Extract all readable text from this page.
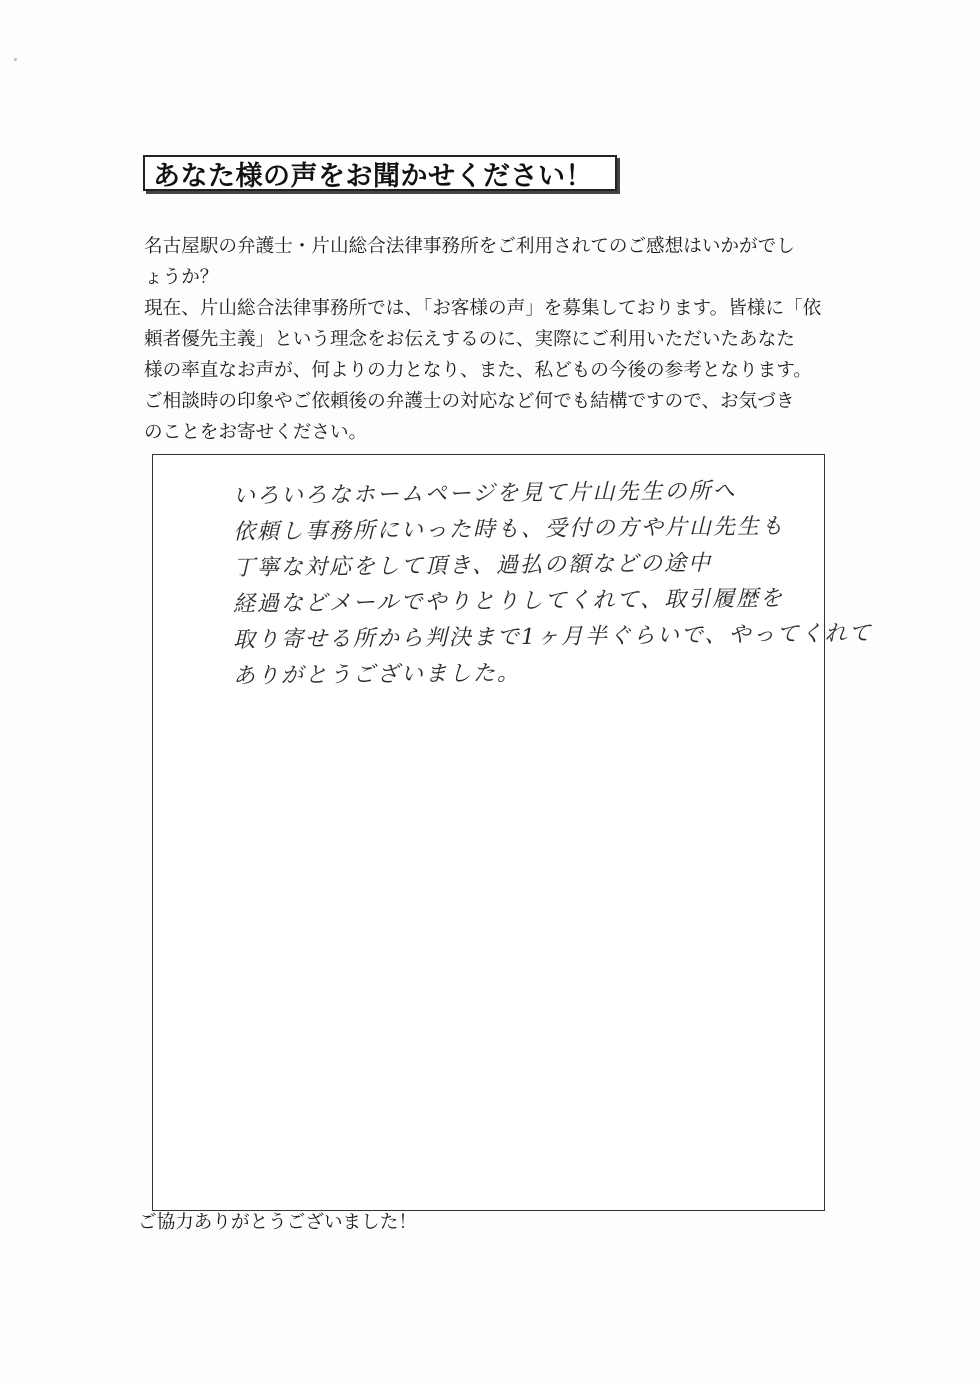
あなた様の声をお聞かせください！
名古屋駅の弁護士・片山総合法律事務所をご利用されてのご感想はいかがでし
ょうか？
現在、片山総合法律事務所では、「お客様の声」を募集しております。皆様に「依
頼者優先主義」という理念をお伝えするのに、実際にご利用いただいたあなた
様の率直なお声が、何よりの力となり、また、私どもの今後の参考となります。
ご相談時の印象やご依頼後の弁護士の対応など何でも結構ですので、お気づき
のことをお寄せください。
いろいろなホームページを見て片山先生の所へ
依頼し事務所にいった時も、受付の方や片山先生も
丁寧な対応をして頂き、過払の額などの途中
経過などメールでやりとりしてくれて、取引履歴を
取り寄せる所から判決まで1ヶ月半ぐらいで、やってくれて
ありがとうございました。
ご協力ありがとうございました！
